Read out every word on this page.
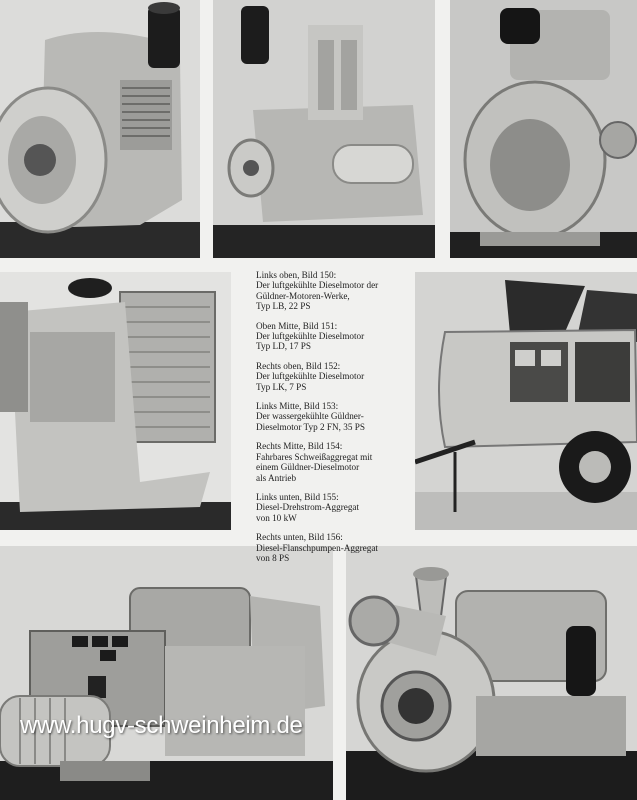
Links oben, Bild 150:
Der luftgekühlte Dieselmotor der
Güldner-Motoren-Werke,
Typ LB, 22 PS
Oben Mitte, Bild 151:
Der luftgekühlte Dieselmotor
Typ LD, 17 PS
Rechts oben, Bild 152:
Der luftgekühlte Dieselmotor
Typ LK, 7 PS
Links Mitte, Bild 153:
Der wassergekühlte Güldner-
Dieselmotor Typ 2 FN, 35 PS
Rechts Mitte, Bild 154:
Fahrbares Schweißaggregat mit
einem Güldner-Dieselmotor
als Antrieb
Links unten, Bild 155:
Diesel-Drehstrom-Aggregat
von 10 kW
Rechts unten, Bild 156:
Diesel-Flanschpumpen-Aggregat
von 8 PS
www.hugv-schweinheim.de
